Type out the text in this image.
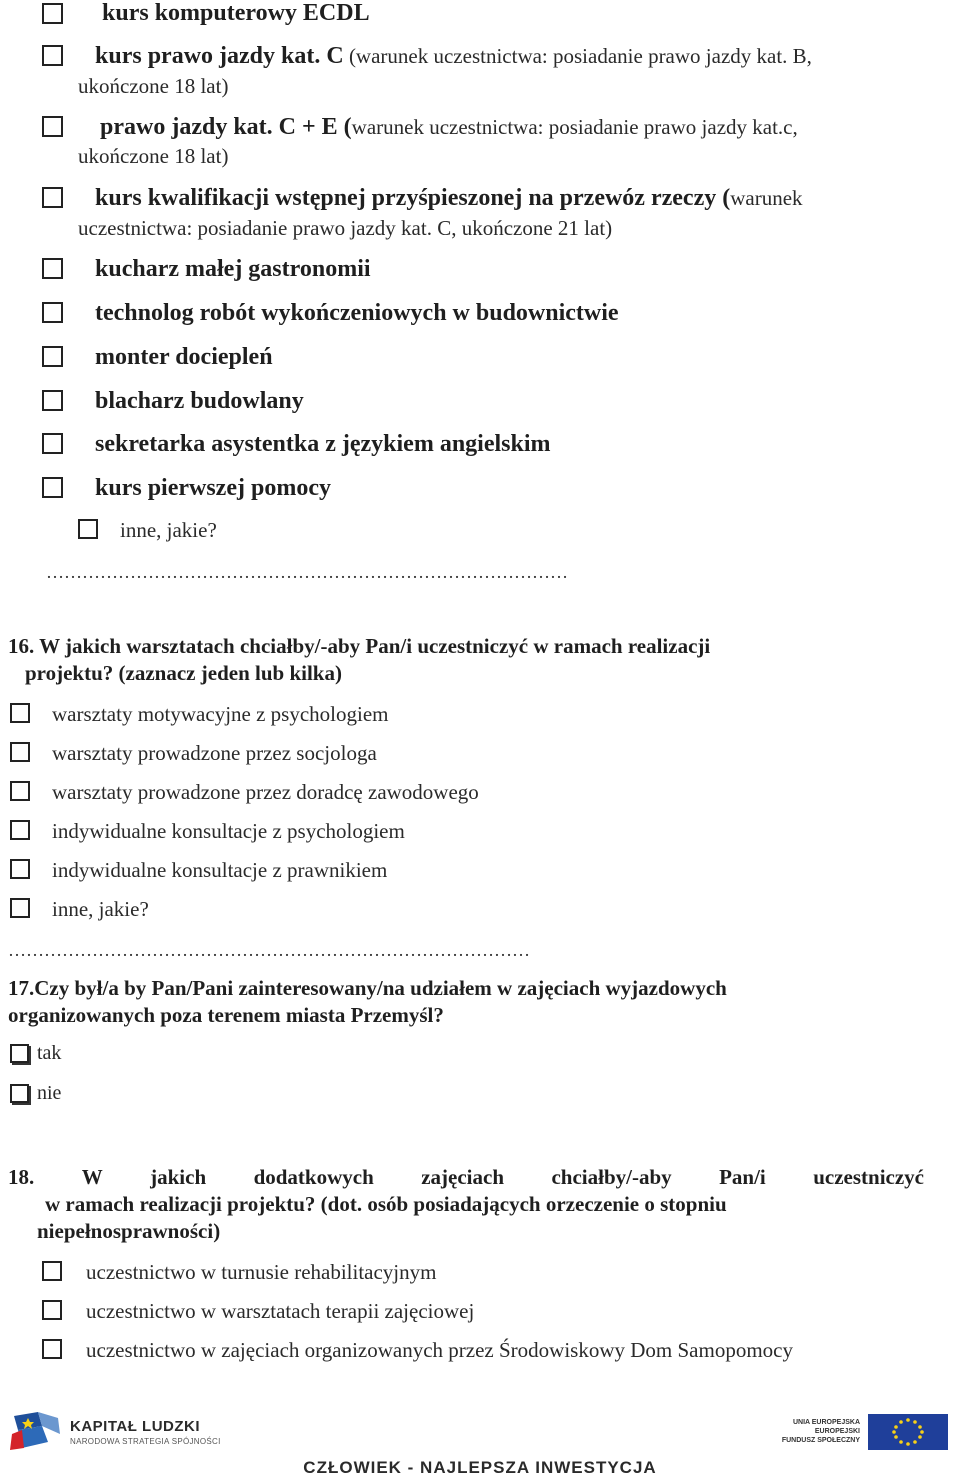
kurs komputerowy ECDL
kurs prawo jazdy kat. C (warunek uczestnictwa: posiadanie prawo jazdy kat. B,
ukończone 18 lat)
prawo jazdy kat. C + E (warunek uczestnictwa: posiadanie prawo jazdy kat.c,
ukończone 18 lat)
kurs kwalifikacji wstępnej przyśpieszonej na przewóz rzeczy (warunek
uczestnictwa: posiadanie prawo jazdy kat. C, ukończone 21 lat)
kucharz małej gastronomii
technolog robót wykończeniowych w budownictwie
monter dociepleń
blacharz budowlany
sekretarka asystentka z językiem angielskim
kurs pierwszej pomocy
inne, jakie?
……………………………………………………………………………
16. W jakich warsztatach chciałby/-aby Pan/i uczestniczyć w ramach realizacji
projektu? (zaznacz jeden lub kilka)
warsztaty motywacyjne z psychologiem
warsztaty prowadzone przez socjologa
warsztaty prowadzone przez doradcę zawodowego
indywidualne konsultacje z psychologiem
indywidualne konsultacje z prawnikiem
inne, jakie?
……………………………………………………………………………
17.Czy był/a by Pan/Pani zainteresowany/na udziałem w zajęciach wyjazdowych
organizowanych poza terenem miasta Przemyśl?
tak
nie
18. W jakich dodatkowych zajęciach chciałby/-aby Pan/i uczestniczyć
w ramach realizacji projektu? (dot. osób posiadających orzeczenie o stopniu
niepełnosprawności)
uczestnictwo w turnusie rehabilitacyjnym
uczestnictwo w warsztatach terapii zajęciowej
uczestnictwo w zajęciach organizowanych przez Środowiskowy Dom Samopomocy
KAPITAŁ LUDZKI
NARODOWA STRATEGIA SPÓJNOŚCI
UNIA EUROPEJSKA
EUROPEJSKI
FUNDUSZ SPOŁECZNY
CZŁOWIEK - NAJLEPSZA INWESTYCJA
